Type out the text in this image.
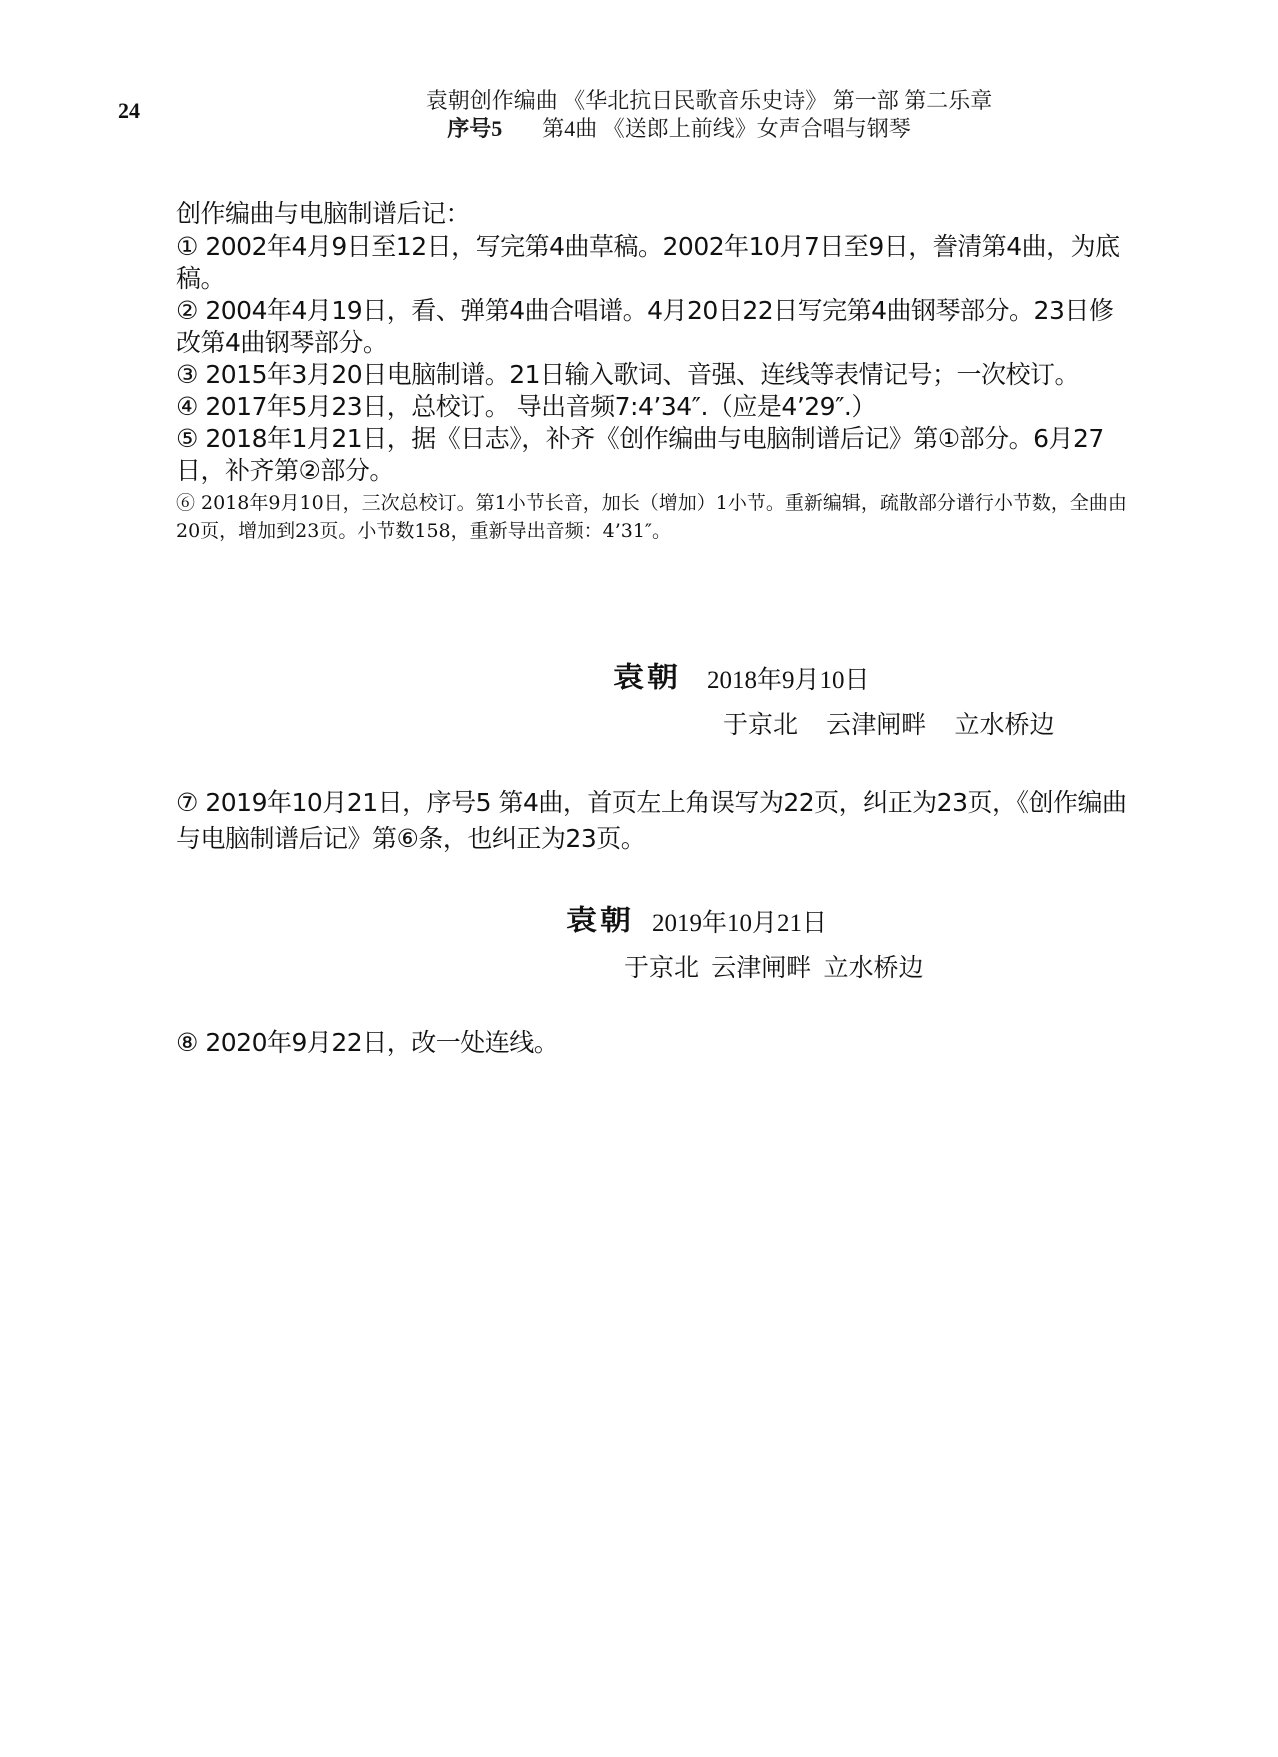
24	袁朝创作编曲 《华北抗日民歌音乐史诗》 第一部 第二乐章
序号5 第4曲 《送郎上前线》女声合唱与钢琴

创作编曲与电脑制谱后记：

① 2002年4月9日至12日，写完第4曲草稿。2002年10月7日至9日，誊清第4曲，为底稿。

② 2004年4月19日，看、弹第4曲合唱谱。4月20日22日写完第4曲钢琴部分。23日修改第4曲钢琴部分。

③ 2015年3月20日电脑制谱。21日输入歌词、音强、连线等表情记号；一次校订。

④ 2017年5月23日，总校订。 导出音频7:4’34″.（应是4’29″.）

⑤ 2018年1月21日，据《日志》，补齐《创作编曲与电脑制谱后记》第①部分。6月27日，补齐第②部分。

⑥ 2018年9月10日，三次总校订。第1小节长音，加长（增加）1小节。重新编辑，疏散部分谱行小节数，全曲由20页，增加到23页。小节数158，重新导出音频：4’31″。

袁朝 2018年9月10日
于京北 云津闸畔 立水桥边

⑦ 2019年10月21日，序号5 第4曲，首页左上角误写为22页，纠正为23页，《创作编曲与电脑制谱后记》第⑥条，也纠正为23页。

袁朝 2019年10月21日
于京北 云津闸畔 立水桥边

⑧ 2020年9月22日，改一处连线。
